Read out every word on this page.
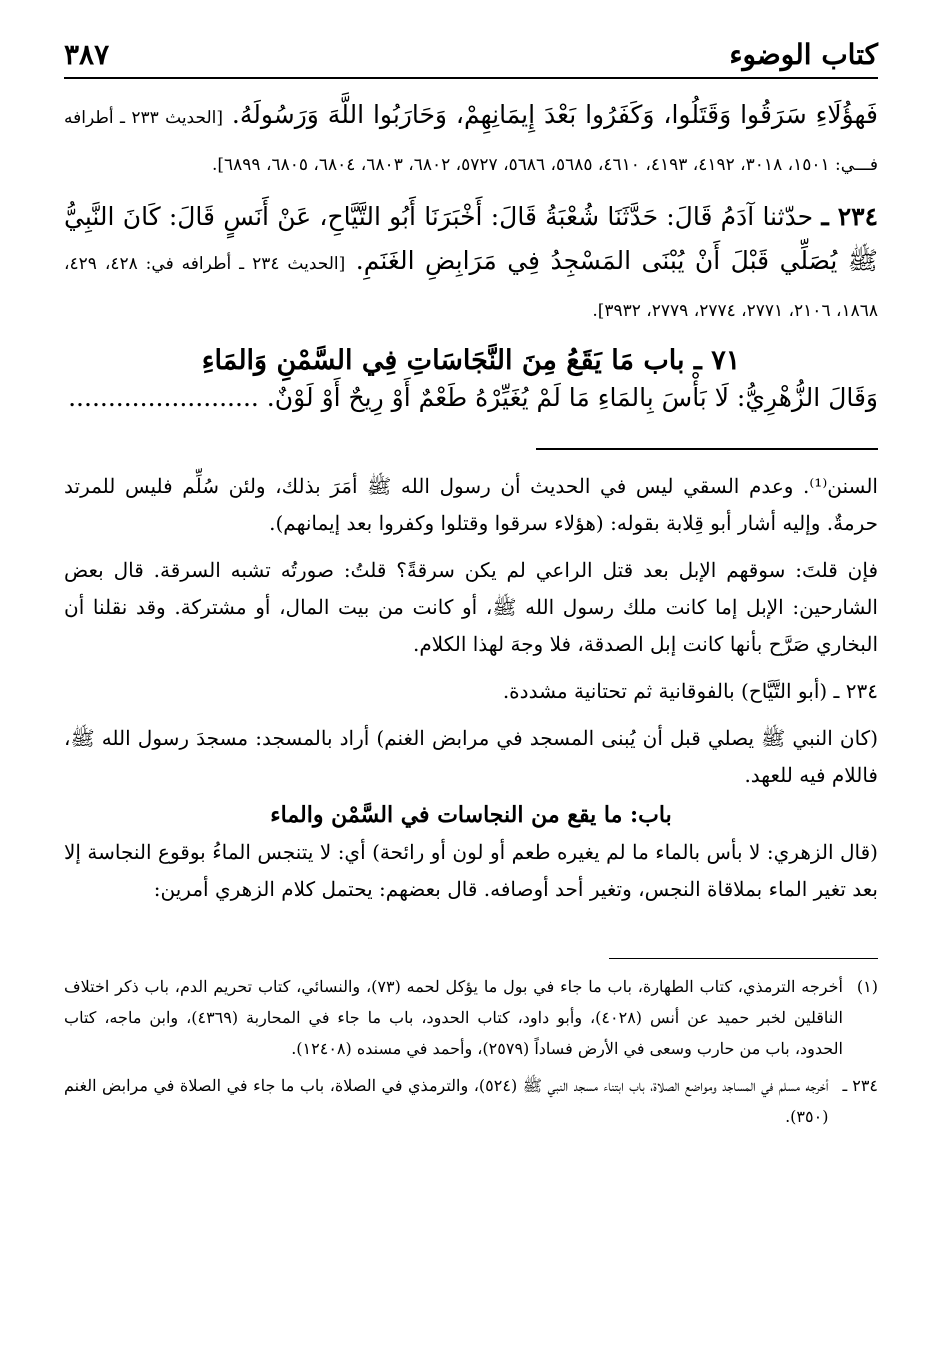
كتاب الوضوء
٣٨٧
فَهؤُلَاءِ سَرَقُوا وَقَتَلُوا، وَكَفَرُوا بَعْدَ إِيمَانِهِمْ، وَحَارَبُوا اللَّهَ وَرَسُولَهُ. [الحديث ٢٣٣ ـ أطرافه فـــي: ١٥٠١، ٣٠١٨، ٤١٩٢، ٤١٩٣، ٤٦١٠، ٥٦٨٥، ٥٦٨٦، ٥٧٢٧، ٦٨٠٢، ٦٨٠٣، ٦٨٠٤، ٦٨٠٥، ٦٨٩٩].
٢٣٤ ـ حدّثنا آدَمُ قَالَ: حَدَّثَنَا شُعْبَةُ قَالَ: أَخْبَرَنَا أَبُو التَّيَّاحِ، عَنْ أَنَسٍ قَالَ: كَانَ النَّبِيُّ ﷺ يُصَلِّي قَبْلَ أَنْ يُبْنَى المَسْجِدُ فِي مَرَابِضِ الغَنَمِ. [الحديث ٢٣٤ ـ أطرافه في: ٤٢٨، ٤٢٩، ١٨٦٨، ٢١٠٦، ٢٧٧١، ٢٧٧٤، ٢٧٧٩، ٣٩٣٢].
٧١ ـ باب مَا يَقَعُ مِنَ النَّجَاسَاتِ فِي السَّمْنِ وَالمَاءِ
وَقَالَ الزُّهْرِيُّ: لَا بَأْسَ بِالمَاءِ مَا لَمْ يُغَيِّرْهُ طَعْمٌ أَوْ رِيحٌ أَوْ لَوْنٌ. ........................

السنن⁽¹⁾. وعدم السقي ليس في الحديث أن رسول الله ﷺ أمَرَ بذلك، ولئن سُلِّم فليس للمرتد حرمةٌ. وإليه أشار أبو قِلابة بقوله: (هؤلاء سرقوا وقتلوا وكفروا بعد إيمانهم).

فإن قلتَ: سوقهم الإبل بعد قتل الراعي لم يكن سرقةً؟ قلتُ: صورتُه تشبه السرقة. قال بعض الشارحين: الإبل إما كانت ملك رسول الله ﷺ، أو كانت من بيت المال، أو مشتركة. وقد نقلنا أن البخاري صَرَّح بأنها كانت إبل الصدقة، فلا وجهَ لهذا الكلام.

٢٣٤ ـ (أبو التَّيَّاح) بالفوقانية ثم تحتانية مشددة.

(كان النبي ﷺ يصلي قبل أن يُبنى المسجد في مرابض الغنم) أراد بالمسجد: مسجدَ رسول الله ﷺ، فاللام فيه للعهد.

باب: ما يقع من النجاسات في السَّمْن والماء

(قال الزهري: لا بأس بالماء ما لم يغيره طعم أو لون أو رائحة) أي: لا يتنجس الماءُ بوقوع النجاسة إلا بعد تغير الماء بملاقاة النجس، وتغير أحد أوصافه. قال بعضهم: يحتمل كلام الزهري أمرين:

(١)
أخرجه الترمذي، كتاب الطهارة، باب ما جاء في بول ما يؤكل لحمه (٧٣)، والنسائي، كتاب تحريم الدم، باب ذكر اختلاف الناقلين لخبر حميد عن أنس (٤٠٢٨)، وأبو داود، كتاب الحدود، باب ما جاء في المحاربة (٤٣٦٩)، وابن ماجه، كتاب الحدود، باب من حارب وسعى في الأرض فساداً (٢٥٧٩)، وأحمد في مسنده (١٢٤٠٨).
٢٣٤ ـ
أخرجه مسلم في المساجد ومواضع الصلاة، باب ابتناء مسجد النبي ﷺ (٥٢٤)، والترمذي في الصلاة، باب ما جاء في الصلاة في مرابض الغنم (٣٥٠).
